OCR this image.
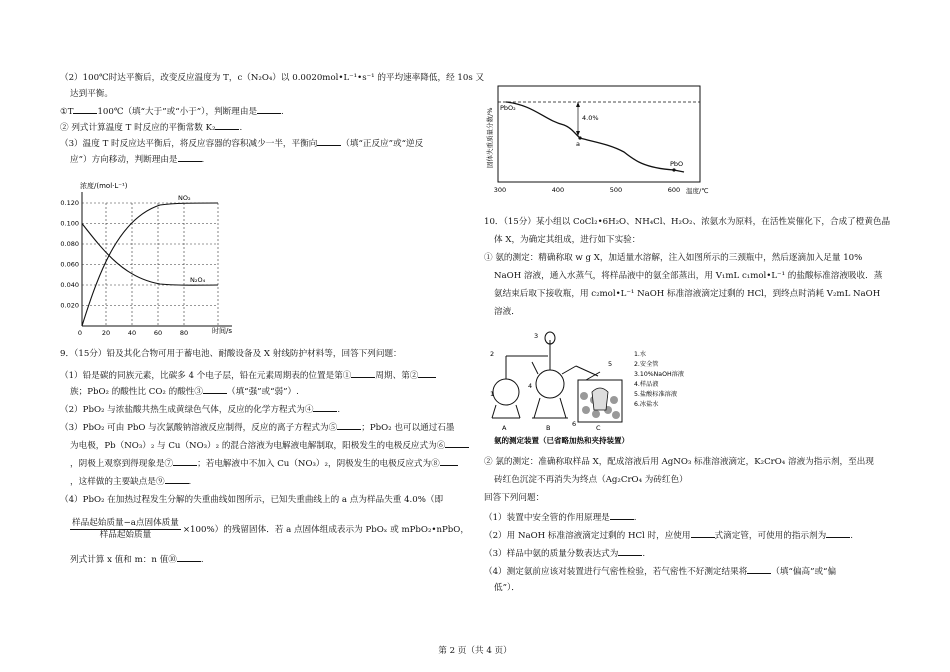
（2）100℃时达平衡后，改变反应温度为 T，c（N₂O₄）以 0.0020mol•L⁻¹•s⁻¹ 的平均速率降低，经 10s 又
达到平衡。
①T	100℃（填“大于”或“小于”），判断理由是	.
② 列式计算温度 T 时反应的平衡常数 K₂	.
（3）温度 T 时反应达平衡后，将反应容器的容积减少一半，平衡向	（填“正反应”或“逆反
应”）方向移动，判断理由是	.
浓度/(mol·L⁻¹)
0.120
0.100
0.080
0.060
0.040
0.020
0	20	40	60	80	时间/s
NO₂
N₂O₄
9．（15分）铅及其化合物可用于蓄电池、耐酸设备及 X 射线防护材料等，回答下列问题：
（1）铅是碳的同族元素，比碳多 4 个电子层，铅在元素周期表的位置是第①	周期、第②
族；PbO₂ 的酸性比 CO₂ 的酸性③	（填“强”或“弱”）.
（2）PbO₂ 与浓盐酸共热生成黄绿色气体，反应的化学方程式为④	.
（3）PbO₂ 可由 PbO 与次氯酸钠溶液反应制得，反应的离子方程式为⑤	；PbO₂ 也可以通过石墨
为电极，Pb（NO₃）₂ 与 Cu（NO₃）₂ 的混合溶液为电解液电解制取，阳极发生的电极反应式为⑥
，阴极上观察到得现象是⑦	；若电解液中不加入 Cu（NO₃）₂，阴极发生的电极反应式为⑧
，这样做的主要缺点是⑨	.
（4）PbO₂ 在加热过程发生分解的失重曲线如图所示，已知失重曲线上的 a 点为样品失重 4.0%（即
$\frac{\text{样品起始质量−a点固体质量}}{\text{样品起始质量}} \times 100\%$）的残留固体．若 a 点固体组成表示为 PbOₓ 或 mPbO₂•nPbO，
列式计算 x 值和 m：n 值⑩	.
固体失重质量分数/%	4.0%
a
PbO₂
PbO
300	400	500	600 温度/℃
10．（15分）某小组以 CoCl₂•6H₂O、NH₄Cl、H₂O₂、浓氨水为原料，在活性炭催化下，合成了橙黄色晶
体 X，为确定其组成，进行如下实验：
① 氨的测定：精确称取 w g X，加适量水溶解，注入如图所示的三颈瓶中，然后逐滴加入足量 10%
NaOH 溶液，通入水蒸气，将样品液中的氨全部蒸出，用 V₁mL c₁mol•L⁻¹ 的盐酸标准溶液吸收．蒸
氨结束后取下接收瓶，用 c₂mol•L⁻¹ NaOH 标准溶液滴定过剩的 HCl，到终点时消耗 V₂mL NaOH
溶液．
2
1
3
4
5
6
A	B	C
1.水
2.安全管
3.10%NaOH溶液
4.样品液
5.盐酸标准溶液
6.冰盐水
氨的测定装置（已省略加热和夹持装置）
② 氯的测定：准确称取样品 X，配成溶液后用 AgNO₃ 标准溶液滴定，K₂CrO₄ 溶液为指示剂，至出现
砖红色沉淀不再消失为终点（Ag₂CrO₄ 为砖红色）
回答下列问题：
（1）装置中安全管的作用原理是	.
（2）用 NaOH 标准溶液滴定过剩的 HCl 时，应使用	式滴定管，可使用的指示剂为	.
（3）样品中氨的质量分数表达式为	.
（4）测定氨前应该对装置进行气密性检验，若气密性不好测定结果将	（填“偏高”或“偏
低”）．
第 2 页（共 4 页）
